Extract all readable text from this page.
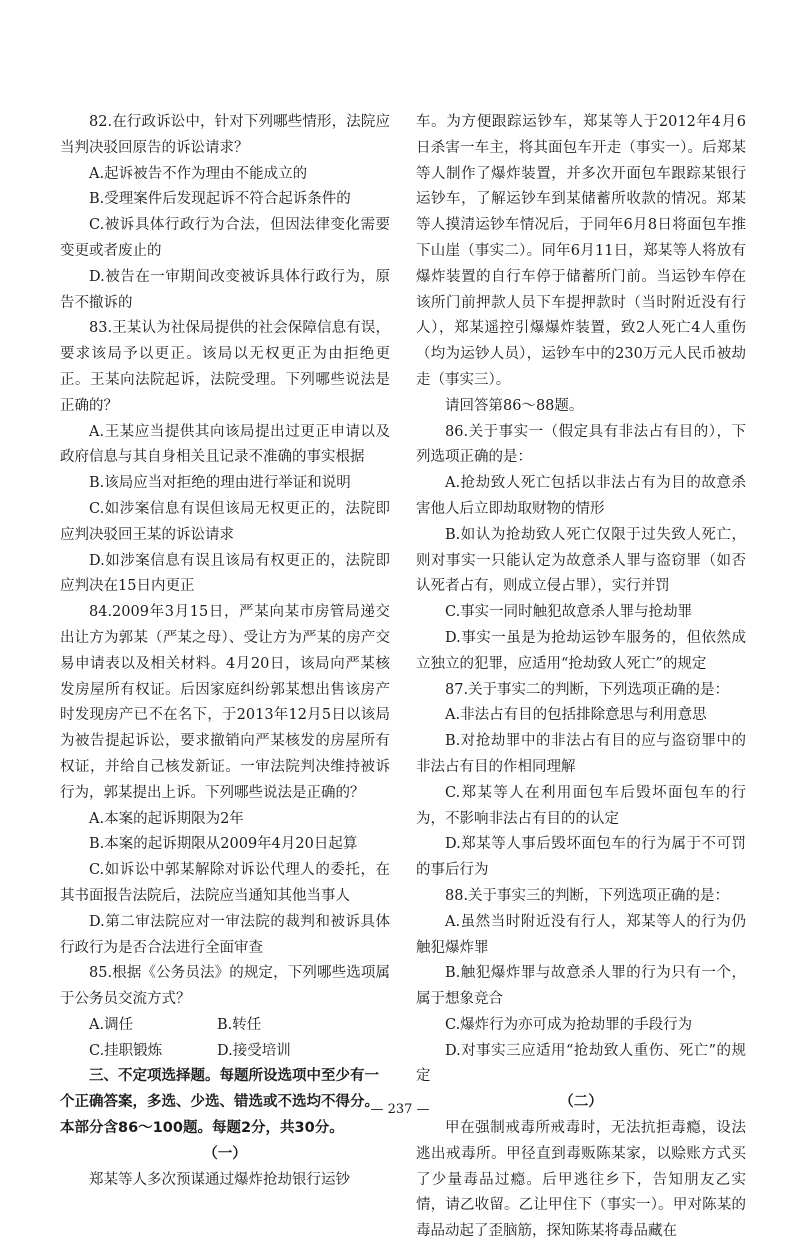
82.在行政诉讼中，针对下列哪些情形，法院应当判决驳回原告的诉讼请求？

A.起诉被告不作为理由不能成立的

B.受理案件后发现起诉不符合起诉条件的

C.被诉具体行政行为合法，但因法律变化需要变更或者废止的

D.被告在一审期间改变被诉具体行政行为，原告不撤诉的

83.王某认为社保局提供的社会保障信息有误，要求该局予以更正。该局以无权更正为由拒绝更正。王某向法院起诉，法院受理。下列哪些说法是正确的？

A.王某应当提供其向该局提出过更正申请以及政府信息与其自身相关且记录不准确的事实根据

B.该局应当对拒绝的理由进行举证和说明

C.如涉案信息有误但该局无权更正的，法院即应判决驳回王某的诉讼请求

D.如涉案信息有误且该局有权更正的，法院即应判决在15日内更正

84.2009年3月15日，严某向某市房管局递交出让方为郭某（严某之母）、受让方为严某的房产交易申请表以及相关材料。4月20日，该局向严某核发房屋所有权证。后因家庭纠纷郭某想出售该房产时发现房产已不在名下，于2013年12月5日以该局为被告提起诉讼，要求撤销向严某核发的房屋所有权证，并给自己核发新证。一审法院判决维持被诉行为，郭某提出上诉。下列哪些说法是正确的？

A.本案的起诉期限为2年

B.本案的起诉期限从2009年4月20日起算

C.如诉讼中郭某解除对诉讼代理人的委托，在其书面报告法院后，法院应当通知其他当事人

D.第二审法院应对一审法院的裁判和被诉具体行政行为是否合法进行全面审查

85.根据《公务员法》的规定，下列哪些选项属于公务员交流方式？

A.调任	B.转任
C.挂职锻炼	D.接受培训

三、不定项选择题。每题所设选项中至少有一个正确答案，多选、少选、错选或不选均不得分。本部分含86～100题。每题2分，共30分。

（一）

郑某等人多次预谋通过爆炸抢劫银行运钞

车。为方便跟踪运钞车，郑某等人于2012年4月6日杀害一车主，将其面包车开走（事实一）。后郑某等人制作了爆炸装置，并多次开面包车跟踪某银行运钞车，了解运钞车到某储蓄所收款的情况。郑某等人摸清运钞车情况后，于同年6月8日将面包车推下山崖（事实二）。同年6月11日，郑某等人将放有爆炸装置的自行车停于储蓄所门前。当运钞车停在该所门前押款人员下车提押款时（当时附近没有行人），郑某遥控引爆爆炸装置，致2人死亡4人重伤（均为运钞人员），运钞车中的230万元人民币被劫走（事实三）。

请回答第86～88题。

86.关于事实一（假定具有非法占有目的），下列选项正确的是：

A.抢劫致人死亡包括以非法占有为目的故意杀害他人后立即劫取财物的情形

B.如认为抢劫致人死亡仅限于过失致人死亡，则对事实一只能认定为故意杀人罪与盗窃罪（如否认死者占有，则成立侵占罪），实行并罚

C.事实一同时触犯故意杀人罪与抢劫罪

D.事实一虽是为抢劫运钞车服务的，但依然成立独立的犯罪，应适用“抢劫致人死亡”的规定

87.关于事实二的判断，下列选项正确的是：

A.非法占有目的包括排除意思与利用意思

B.对抢劫罪中的非法占有目的应与盗窃罪中的非法占有目的作相同理解

C.郑某等人在利用面包车后毁坏面包车的行为，不影响非法占有目的的认定

D.郑某等人事后毁坏面包车的行为属于不可罚的事后行为

88.关于事实三的判断，下列选项正确的是：

A.虽然当时附近没有行人，郑某等人的行为仍触犯爆炸罪

B.触犯爆炸罪与故意杀人罪的行为只有一个，属于想象竞合

C.爆炸行为亦可成为抢劫罪的手段行为

D.对事实三应适用“抢劫致人重伤、死亡”的规定

（二）

甲在强制戒毒所戒毒时，无法抗拒毒瘾，设法逃出戒毒所。甲径直到毒贩陈某家，以赊账方式买了少量毒品过瘾。后甲逃往乡下，告知朋友乙实情，请乙收留。乙让甲住下（事实一）。甲对陈某的毒品动起了歪脑筋，探知陈某将毒品藏在

— 237 —
